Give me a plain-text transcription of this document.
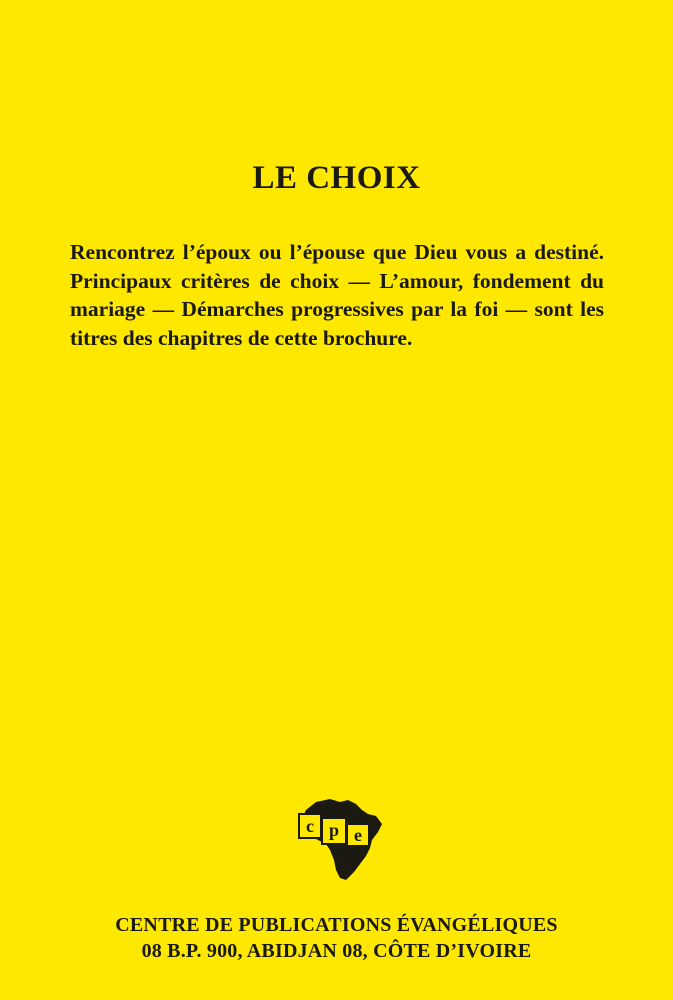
LE CHOIX
Rencontrez l’époux ou l’épouse que Dieu vous a destiné. Principaux critères de choix — L’amour, fondement du mariage — Démarches progressives par la foi — sont les titres des chapitres de cette brochure.
c p e
CENTRE DE PUBLICATIONS ÉVANGÉLIQUES
08 B.P. 900, ABIDJAN 08, CÔTE D’IVOIRE
